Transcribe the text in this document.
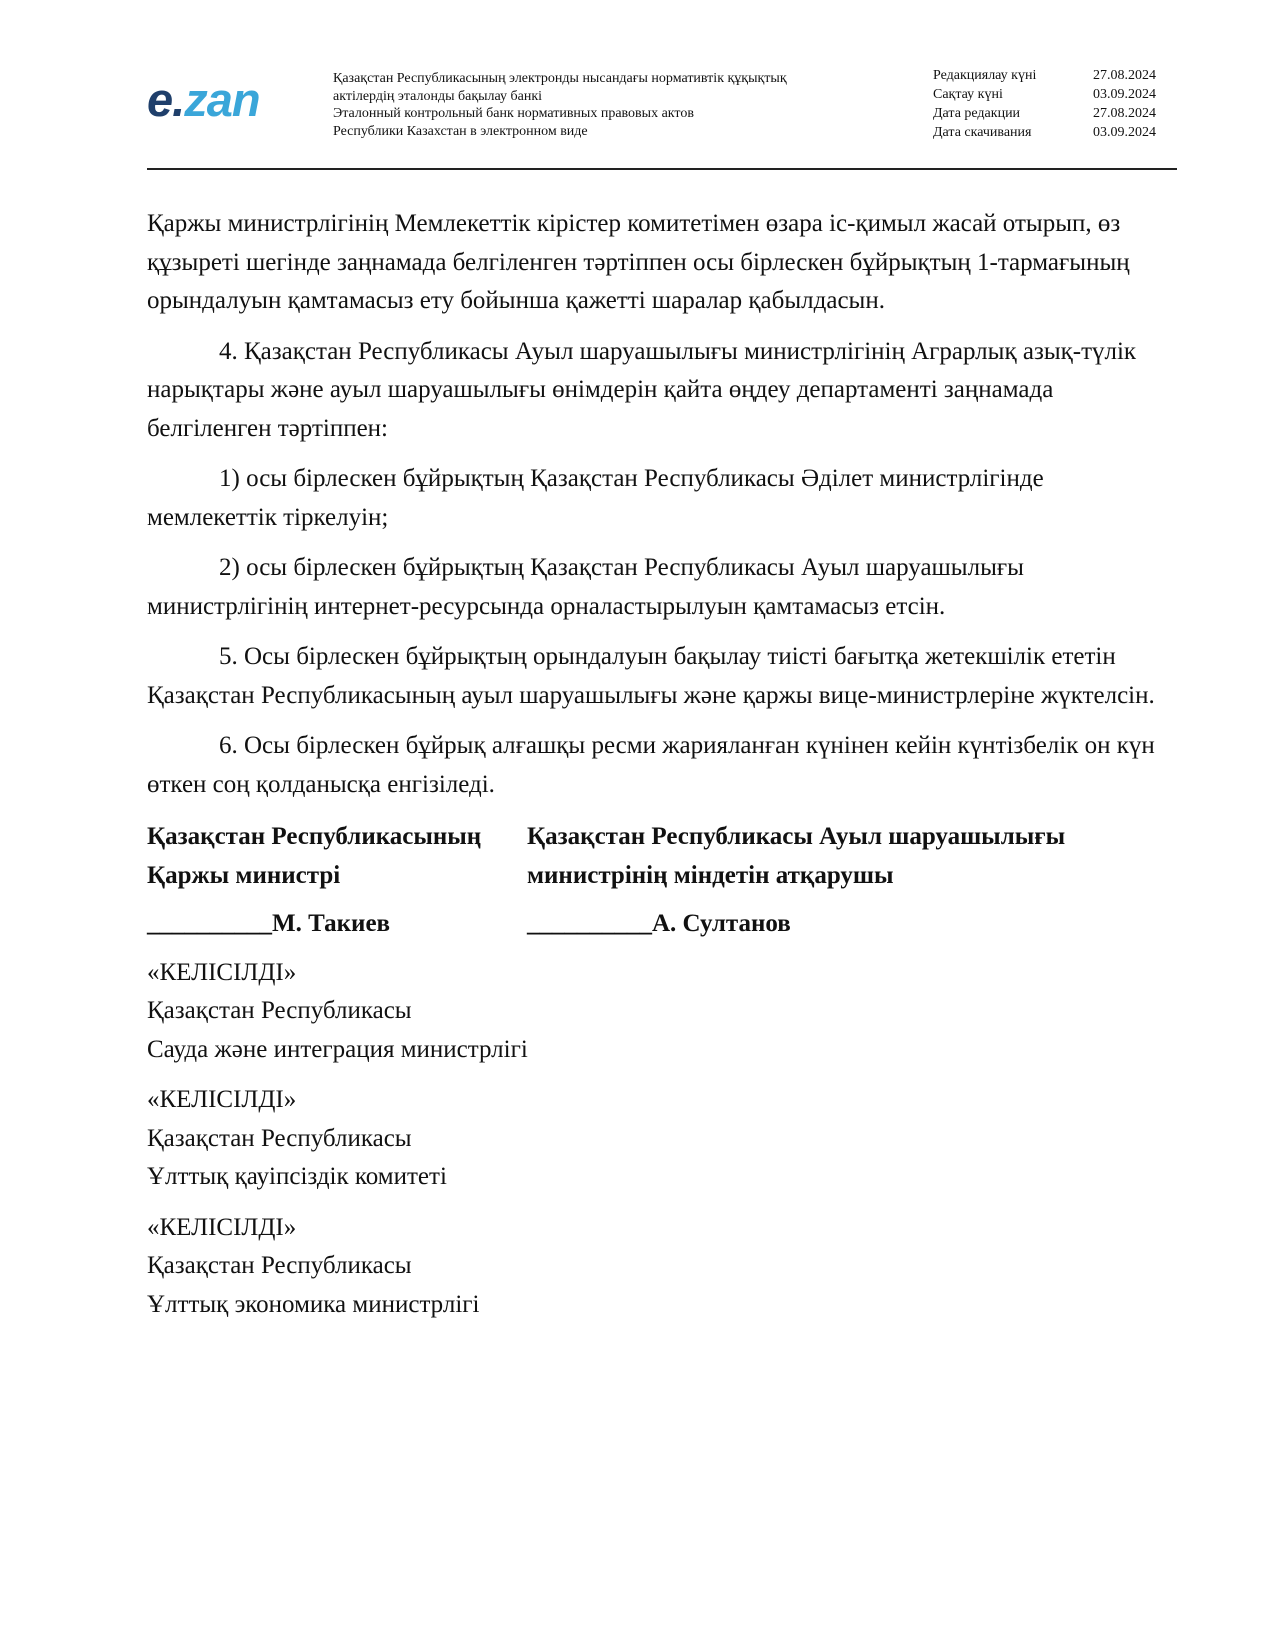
e.zan	Қазақстан Республикасының электронды нысандағы нормативтік құқықтық
актілердің эталонды бақылау банкі
Эталонный контрольный банк нормативных правовых актов
Республики Казахстан в электронном виде
Редакциялау күні	27.08.2024
Сақтау күні	03.09.2024
Дата редакции	27.08.2024
Дата скачивания	03.09.2024

Қаржы министрлігінің Мемлекеттік кірістер комитетімен өзара іс-қимыл жасай отырып, өз құзыреті шегінде заңнамада белгіленген тәртіппен осы бірлескен бұйрықтың 1-тармағының орындалуын қамтамасыз ету бойынша қажетті шаралар қабылдасын.

4. Қазақстан Республикасы Ауыл шаруашылығы министрлігінің Аграрлық азық-түлік нарықтары және ауыл шаруашылығы өнімдерін қайта өңдеу департаменті заңнамада белгіленген тәртіппен:

1) осы бірлескен бұйрықтың Қазақстан Республикасы Әділет министрлігінде мемлекеттік тіркелуін;

2) осы бірлескен бұйрықтың Қазақстан Республикасы Ауыл шаруашылығы министрлігінің интернет-ресурсында орналастырылуын қамтамасыз етсін.

5. Осы бірлескен бұйрықтың орындалуын бақылау тиісті бағытқа жетекшілік ететін Қазақстан Республикасының ауыл шаруашылығы және қаржы вице-министрлеріне жүктелсін.

6. Осы бірлескен бұйрық алғашқы ресми жарияланған күнінен кейін күнтізбелік он күн өткен соң қолданысқа енгізіледі.

Қазақстан Республикасының Қаржы министрі
__________М. Такиев
Қазақстан Республикасы Ауыл шаруашылығы министрінің міндетін атқарушы
__________А. Султанов
«КЕЛІСІЛДІ»
Қазақстан Республикасы
Сауда және интеграция министрлігі
«КЕЛІСІЛДІ»
Қазақстан Республикасы
Ұлттық қауіпсіздік комитеті
«КЕЛІСІЛДІ»
Қазақстан Республикасы
Ұлттық экономика министрлігі
